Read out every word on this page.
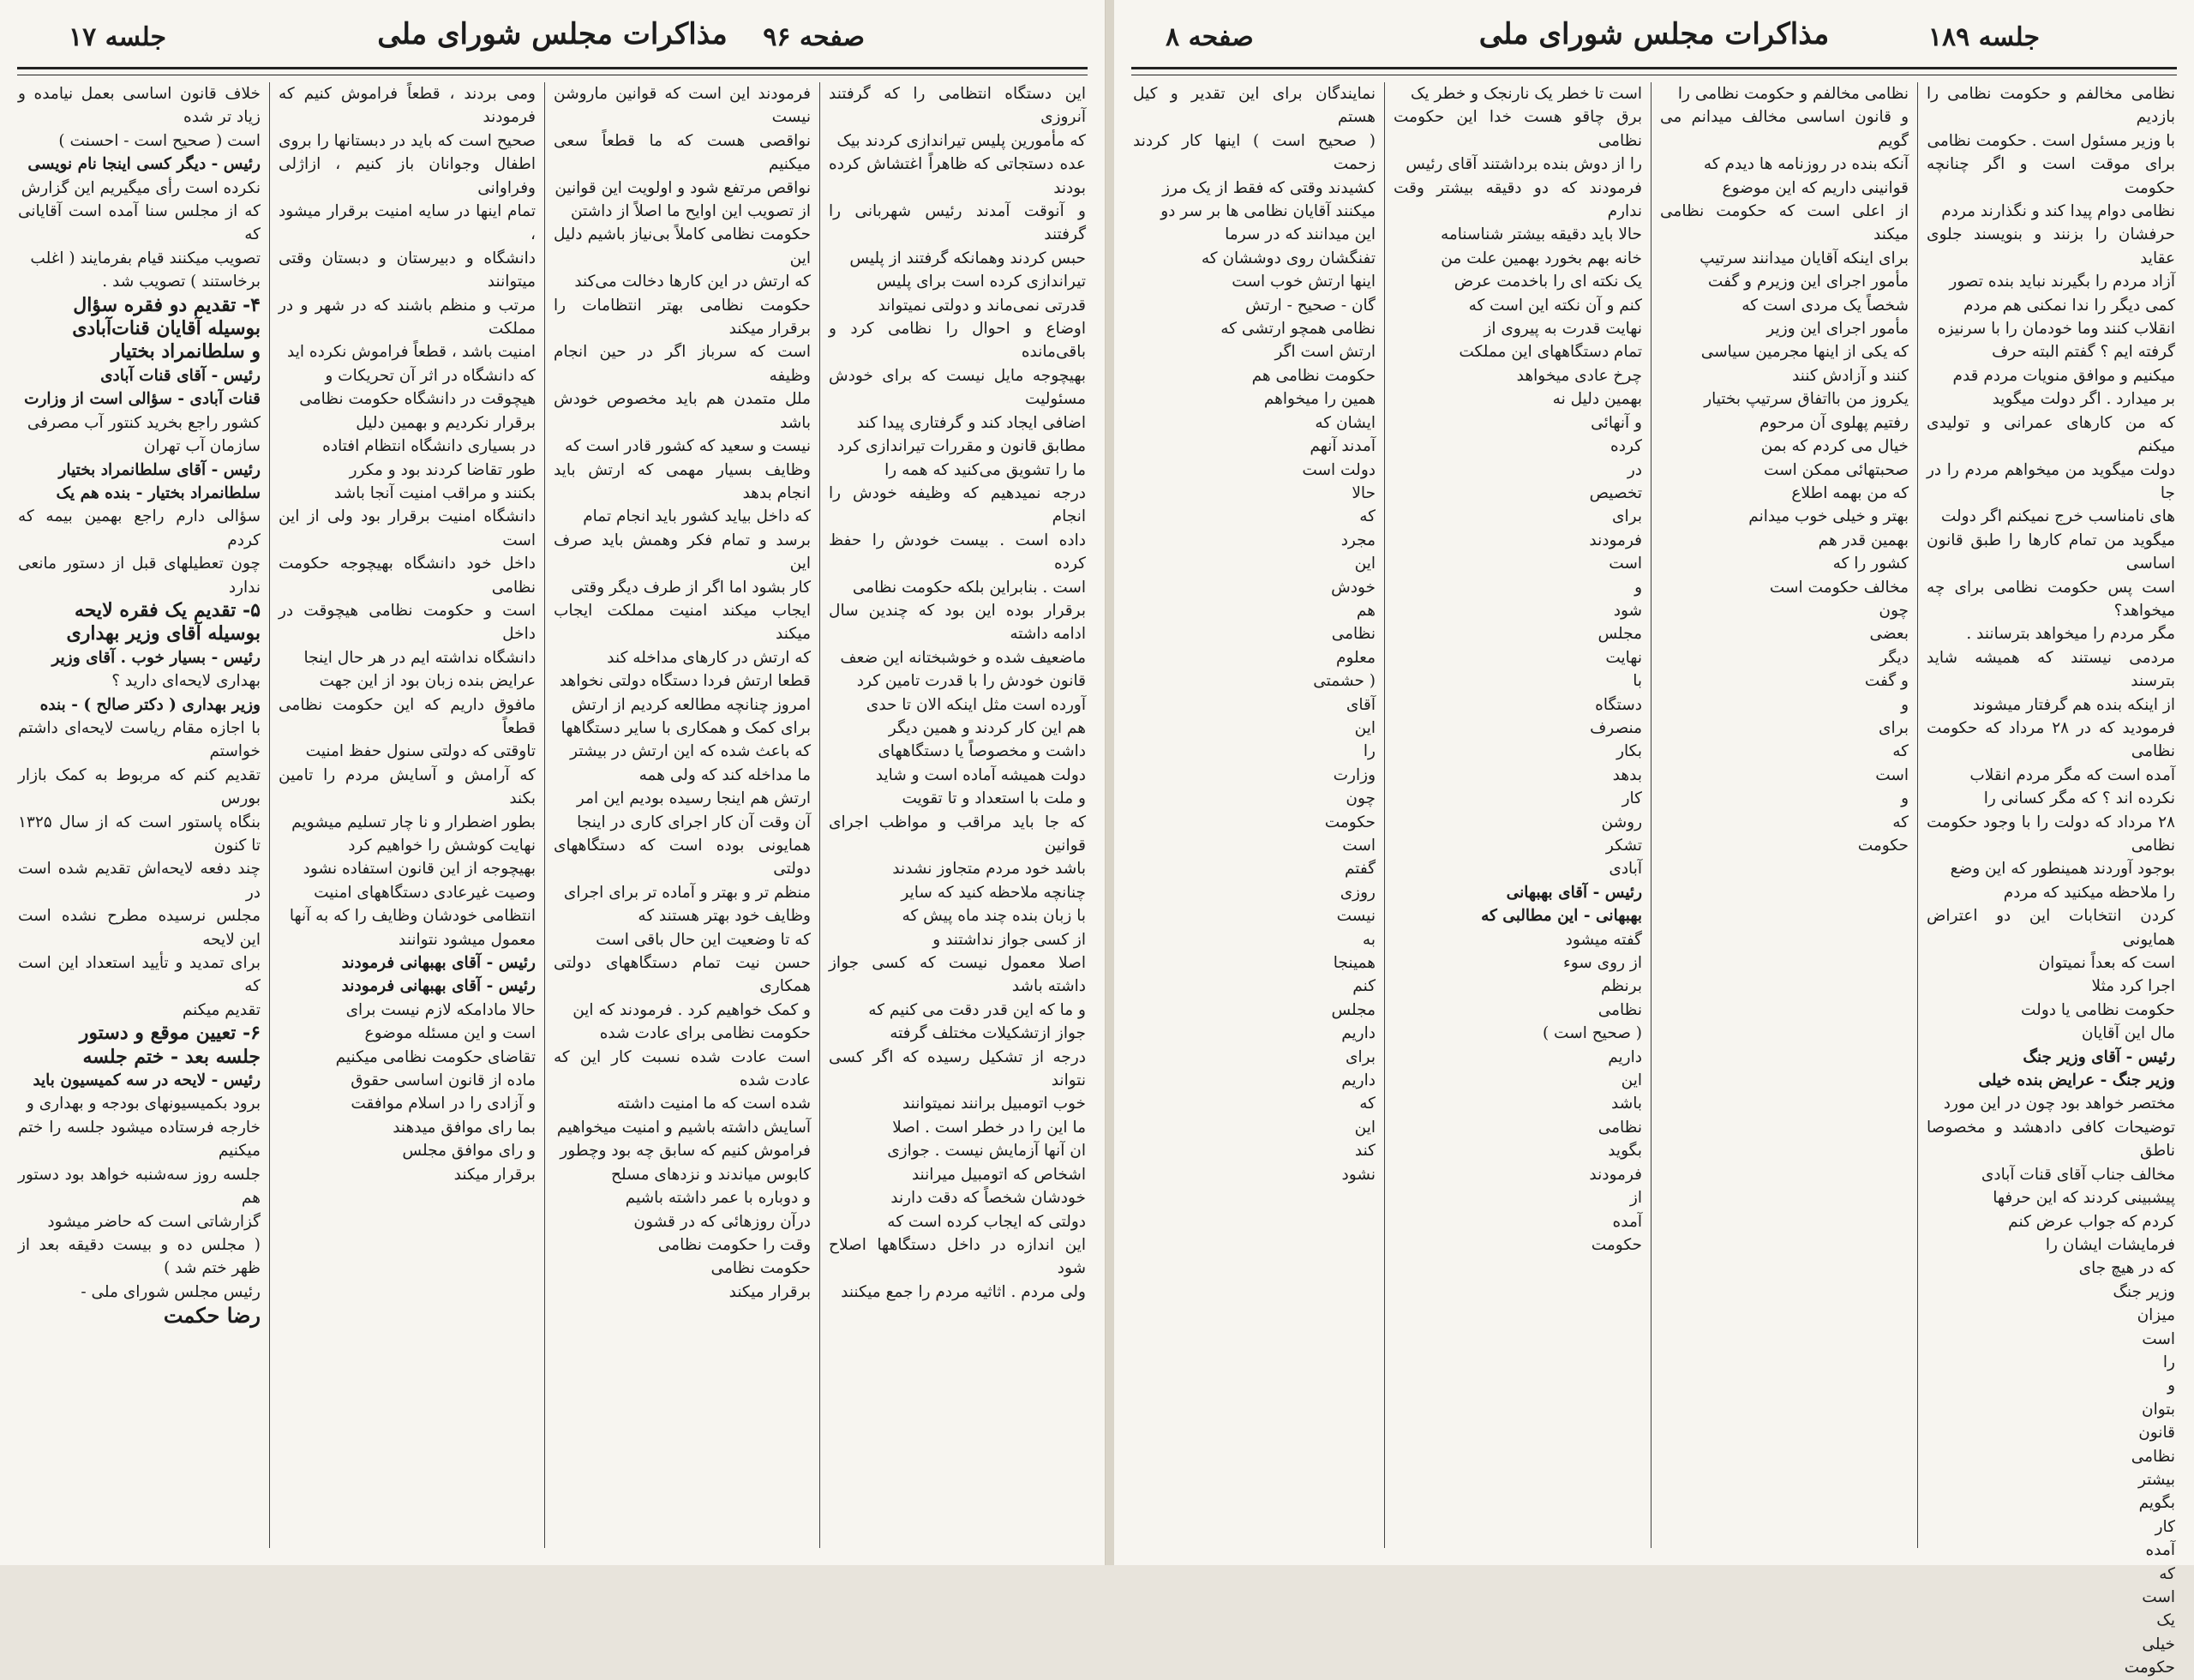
صفحه ۹۶
مذاکرات مجلس شورای ملی
جلسه ۱۷
این دستگاه انتظامی را که گرفتند آنروزی
که مأمورین پلیس تیراندازی کردند بیک
عده دستجاتی که ظاهراً اغتشاش کرده بودند
و آنوقت آمدند رئیس شهربانی را گرفتند
حبس کردند وهمانکه گرفتند از پلیس
تیراندازی کرده است برای پلیس
قدرتی نمی‌ماند و دولتی نمیتواند
اوضاع و احوال را نظامی کرد و باقی‌مانده
بهیچوجه مایل نیست که برای خودش مسئولیت
اضافی ایجاد کند و گرفتاری پیدا کند
مطابق قانون و مقررات تیراندازی کرد
ما را تشویق می‌کنید که همه را
درجه نمیدهیم که وظیفه خودش را انجام
داده است . بیست خودش را حفظ کرده
است . بنابراین بلکه حکومت نظامی
برقرار بوده این بود که چندین سال ادامه داشته
ماضعیف شده و خوشبختانه این ضعف
قانون خودش را با قدرت تامین کرد
آورده است مثل اینکه الان تا حدی
هم این کار کردند و همین دیگر
داشت و مخصوصاً یا دستگاههای
دولت همیشه آماده است و شاید
و ملت با استعداد و تا تقویت
که جا باید مراقب و مواظب اجرای قوانین
باشد خود مردم متجاوز نشدند
چنانچه ملاحظه کنید که سایر
با زبان بنده چند ماه پیش که
از کسی جواز نداشتند و
اصلا معمول نیست که کسی جواز داشته باشد
و ما که این قدر دقت می کنیم که
جواز ازتشکیلات مختلف گرفته
درجه از تشکیل رسیده که اگر کسی نتواند
خوب اتومبیل برانند نمیتوانند
ما این را در خطر است . اصلا
ان آنها آزمایش نیست . جوازی
اشخاص که اتومبیل میرانند
خودشان شخصاً که دقت دارند
دولتی که ایجاب کرده است که
این اندازه در داخل دستگاهها اصلاح شود
ولی مردم . اثاثیه مردم را جمع میکنند
فرمودند این است که قوانین ماروشن نیست
نواقصی هست که ما قطعاً سعی میکنیم
نواقص مرتفع شود و اولویت این قوانین
از تصویب این اوایح ما اصلاً از داشتن
حکومت نظامی کاملاً بی‌نیاز باشیم دلیل این
که ارتش در این کارها دخالت می‌کند
حکومت نظامی بهتر انتظامات را برقرار میکند
است که سرباز اگر در حین انجام وظیفه
ملل متمدن هم باید مخصوص خودش باشد
نیست و سعید که کشور قادر است که
وظایف بسیار مهمی که ارتش باید انجام بدهد
که داخل بیاید کشور باید انجام تمام
برسد و تمام فکر وهمش باید صرف این
کار بشود اما اگر از طرف دیگر وقتی
ایجاب میکند امنیت مملکت ایجاب میکند
که ارتش در کارهای مداخله کند
قطعا ارتش فردا دستگاه دولتی نخواهد
امروز چنانچه مطالعه کردیم از ارتش
برای کمک و همکاری با سایر دستگاهها
که باعث شده که این ارتش در بیشتر
ما مداخله کند که ولی همه
ارتش هم اینجا رسیده بودیم این امر
آن وقت آن کار اجرای کاری در اینجا
همایونی بوده است که دستگاههای دولتی
منظم تر و بهتر و آماده تر برای اجرای
وظایف خود بهتر هستند که
که تا وضعیت این حال باقی است
حسن نیت تمام دستگاههای دولتی همکاری
و کمک خواهیم کرد . فرمودند که این
حکومت نظامی برای عادت شده
است عادت شده نسبت کار این که عادت شده
شده است که ما امنیت داشته
آسایش داشته باشیم و امنیت میخواهیم
فراموش کنیم که سابق چه بود وچطور
کابوس میاندند و نزدهای مسلح
و دوباره با عمر داشته باشیم
درآن روزهائی که در قشون
وقت را حکومت نظامی
حکومت نظامی
برقرار میکند
ومی بردند ، قطعاً فراموش کنیم که فرمودند
صحیح است که باید در دبستانها را بروی
اطفال وجوانان باز کنیم ، ازاژلی وفراوانی
تمام اینها در سایه امنیت برقرار میشود ،
دانشگاه و دبیرستان و دبستان وقتی میتوانند
مرتب و منظم باشند که در شهر و در مملکت
امنیت باشد ، قطعاً فراموش نکرده اید
که دانشگاه در اثر آن تحریکات و
هیچوقت در دانشگاه حکومت نظامی
برقرار نکردیم و بهمین دلیل
در بسیاری دانشگاه انتظام افتاده
طور تقاضا کردند بود و مکرر
بکنند و مراقب امنیت آنجا باشد
دانشگاه امنیت برقرار بود ولی از این است
داخل خود دانشگاه بهیچوجه حکومت نظامی
است و حکومت نظامی هیچوقت در داخل
دانشگاه نداشته ایم در هر حال اینجا
عرایض بنده زبان بود از این جهت
مافوق داریم که این حکومت نظامی قطعاً
تاوقتی که دولتی سنول حفظ امنیت
که آرامش و آسایش مردم را تامین بکند
بطور اضطرار و نا چار تسلیم میشویم
نهایت کوشش را خواهیم کرد
بهیچوجه از این قانون استفاده نشود
وصیت غیرعادی دستگاههای امنیت
انتظامی خودشان وظایف را که به آنها
معمول میشود نتوانند
رئیس - آقای بهبهانی فرمودند
رئیس - آقای بهبهانی فرمودند
حالا مادامکه لازم نیست برای
است و این مسئله موضوع
تقاضای حکومت نظامی میکنیم
ماده از قانون اساسی حقوق
و آزادی را در اسلام موافقت
بما رای موافق میدهند
و رای موافق مجلس
برقرار میکند
خلاف قانون اساسی بعمل نیامده و زیاد تر شده
است ( صحیح است - احسنت )
رئیس - دیگر کسی اینجا نام نویسی
نکرده است رأی میگیریم این گزارش
که از مجلس سنا آمده است آقایانی که
تصویب میکنند قیام بفرمایند ( اغلب
برخاستند ) تصویب شد .
۴- تقدیم دو فقره سؤال
بوسیله آقایان قنات‌آبادی
و سلطانمراد بختیار
رئیس - آقای قنات آبادی
قنات آبادی - سؤالی است از وزارت
کشور راجع بخرید کنتور آب مصرفی
سازمان آب تهران
رئیس - آقای سلطانمراد بختیار
سلطانمراد بختیار - بنده هم یک
سؤالی دارم راجع بهمین بیمه که کردم
چون تعطیلهای قبل از دستور مانعی ندارد
۵- تقدیم یک فقره لایحه
بوسیله آقای وزیر بهداری
رئیس - بسیار خوب . آقای وزیر
بهداری لایحه‌ای دارید ؟
وزیر بهداری ( دکتر صالح ) - بنده
با اجازه مقام ریاست لایحه‌ای داشتم خواستم
تقدیم کنم که مربوط به کمک بازار بورس
بنگاه پاستور است که از سال ۱۳۲۵ تا کنون
چند دفعه لایحه‌اش تقدیم شده است در
مجلس نرسیده مطرح نشده است این لایحه
برای تمدید و تأیید استعداد این است که
تقدیم میکنم
۶- تعیین موقع و دستور
جلسه بعد - ختم جلسه
رئیس - لایحه در سه کمیسیون باید
برود بکمیسیونهای بودجه و بهداری و
خارجه فرستاده میشود جلسه را ختم میکنیم
جلسه روز سه‌شنبه خواهد بود دستور هم
گزارشاتی است که حاضر میشود
( مجلس ده و بیست دقیقه بعد از ظهر ختم شد )
رئیس مجلس شورای ملی -
رضا حکمت
جلسه ۱۸۹
مذاکرات مجلس شورای ملی
صفحه ۸
نظامی مخالفم و حکومت نظامی را بازدیم
با وزیر مسئول است . حکومت نظامی
برای موقت است و اگر چنانچه حکومت
نظامی دوام پیدا کند و نگذارند مردم
حرفشان را بزنند و بنویسند جلوی عقاید
آزاد مردم را بگیرند نباید بنده تصور
کمی دیگر را ندا نمکنی هم مردم
انقلاب کنند وما خودمان را با سرنیزه
گرفته ایم ؟ گفتم البته حرف
میکنیم و موافق منویات مردم قدم
بر میدارد . اگر دولت میگوید
که من کارهای عمرانی و تولیدی میکنم
دولت میگوید من میخواهم مردم را در جا
های نامناسب خرج نمیکنم اگر دولت
میگوید من تمام کارها را طبق قانون اساسی
است پس حکومت نظامی برای چه میخواهد؟
مگر مردم را میخواهد بترسانند .
مردمی نیستند که همیشه شاید بترسند
از اینکه بنده هم گرفتار میشوند
فرمودید که در ۲۸ مرداد که حکومت نظامی
آمده است که مگر مردم انقلاب
نکرده اند ؟ که مگر کسانی را
۲۸ مرداد که دولت را با وجود حکومت نظامی
بوجود آوردند همینطور که این وضع
را ملاحظه میکنید که مردم
کردن انتخابات این دو اعتراض همایونی
است که بعداً نمیتوان
اجرا کرد مثلا
حکومت نظامی یا دولت
مال این آقایان
رئیس - آقای وزیر جنگ
وزیر جنگ - عرایض بنده خیلی
مختصر خواهد بود چون در این مورد
توضیحات کافی دادهشد و مخصوصا ناطق
مخالف جناب آقای قنات آبادی
پیشبینی کردند که این حرفها
کردم که جواب عرض کنم
فرمایشات ایشان را
که در هیچ جای
وزیر جنگ
میزان
است
را
و
بتوان
قانون
نظامی
بیشتر
بگویم
کار
آمده
که
است
یک
خیلی
حکومت
نظامی مخالفم و حکومت نظامی را
و قانون اساسی مخالف میدانم می گویم
آنکه بنده در روزنامه ها دیدم که
قوانینی داریم که این موضوع
از اعلی است که حکومت نظامی میکند
برای اینکه آقایان میدانند سرتیپ
مأمور اجرای این وزیرم و گفت
شخصاً یک مردی است که
مأمور اجرای این وزیر
که یکی از اینها مجرمین سیاسی
کنند و آزادش کنند
یکروز من بااتفاق سرتیپ بختیار
رفتیم پهلوی آن مرحوم
خیال می کردم که بمن
صحبتهائی ممکن است
که من بهمه اطلاع
بهتر و خیلی خوب میدانم
بهمین قدر هم
کشور را که
مخالف حکومت است
چون
بعضی
دیگر
و گفت
و
برای
که
است
و
که
حکومت
است تا خطر یک نارنجک و خطر یک
برق چاقو هست خدا این حکومت نظامی
را از دوش بنده برداشتند آقای رئیس
فرمودند که دو دقیقه بیشتر وقت ندارم
حالا باید دقیقه بیشتر شناسنامه
خانه بهم بخورد بهمین علت من
یک نکته ای را باخدمت عرض
کنم و آن نکته این است که
نهایت قدرت به پیروی از
تمام دستگاههای این مملکت
چرخ عادی میخواهد
بهمین دلیل نه
و آنهائی
کرده
در
تخصیص
برای
فرمودند
است
و
شود
مجلس
نهایت
با
دستگاه
منصرف
بکار
بدهد
کار
روشن
تشکر
آبادی
رئیس - آقای بهبهانی
بهبهانی - این مطالبی که
گفته میشود
از روی سوء
برنظم
نظامی
( صحیح است )
داریم
این
باشد
نظامی
بگوید
فرمودند
از
آمده
حکومت
نمایندگان برای این تقدیر و کیل هستم
( صحیح است ) اینها کار کردند زحمت
کشیدند وقتی که فقط از یک مرز
میکنند آقایان نظامی ها بر سر دو
این میدانند که در سرما
تفنگشان روی دوششان که
اینها ارتش خوب است
گان - صحیح - ارتش
نظامی همچو ارتشی که
ارتش است اگر
حکومت نظامی هم
همین را میخواهم
ایشان که
آمدند آنهم
دولت است
حالا
که
مجرد
این
خودش
هم
نظامی
معلوم
( حشمتی
آقای
این
را
وزارت
چون
حکومت
است
گفتم
روزی
نیست
به
همینجا
کنم
مجلس
داریم
برای
داریم
که
این
کند
نشود
